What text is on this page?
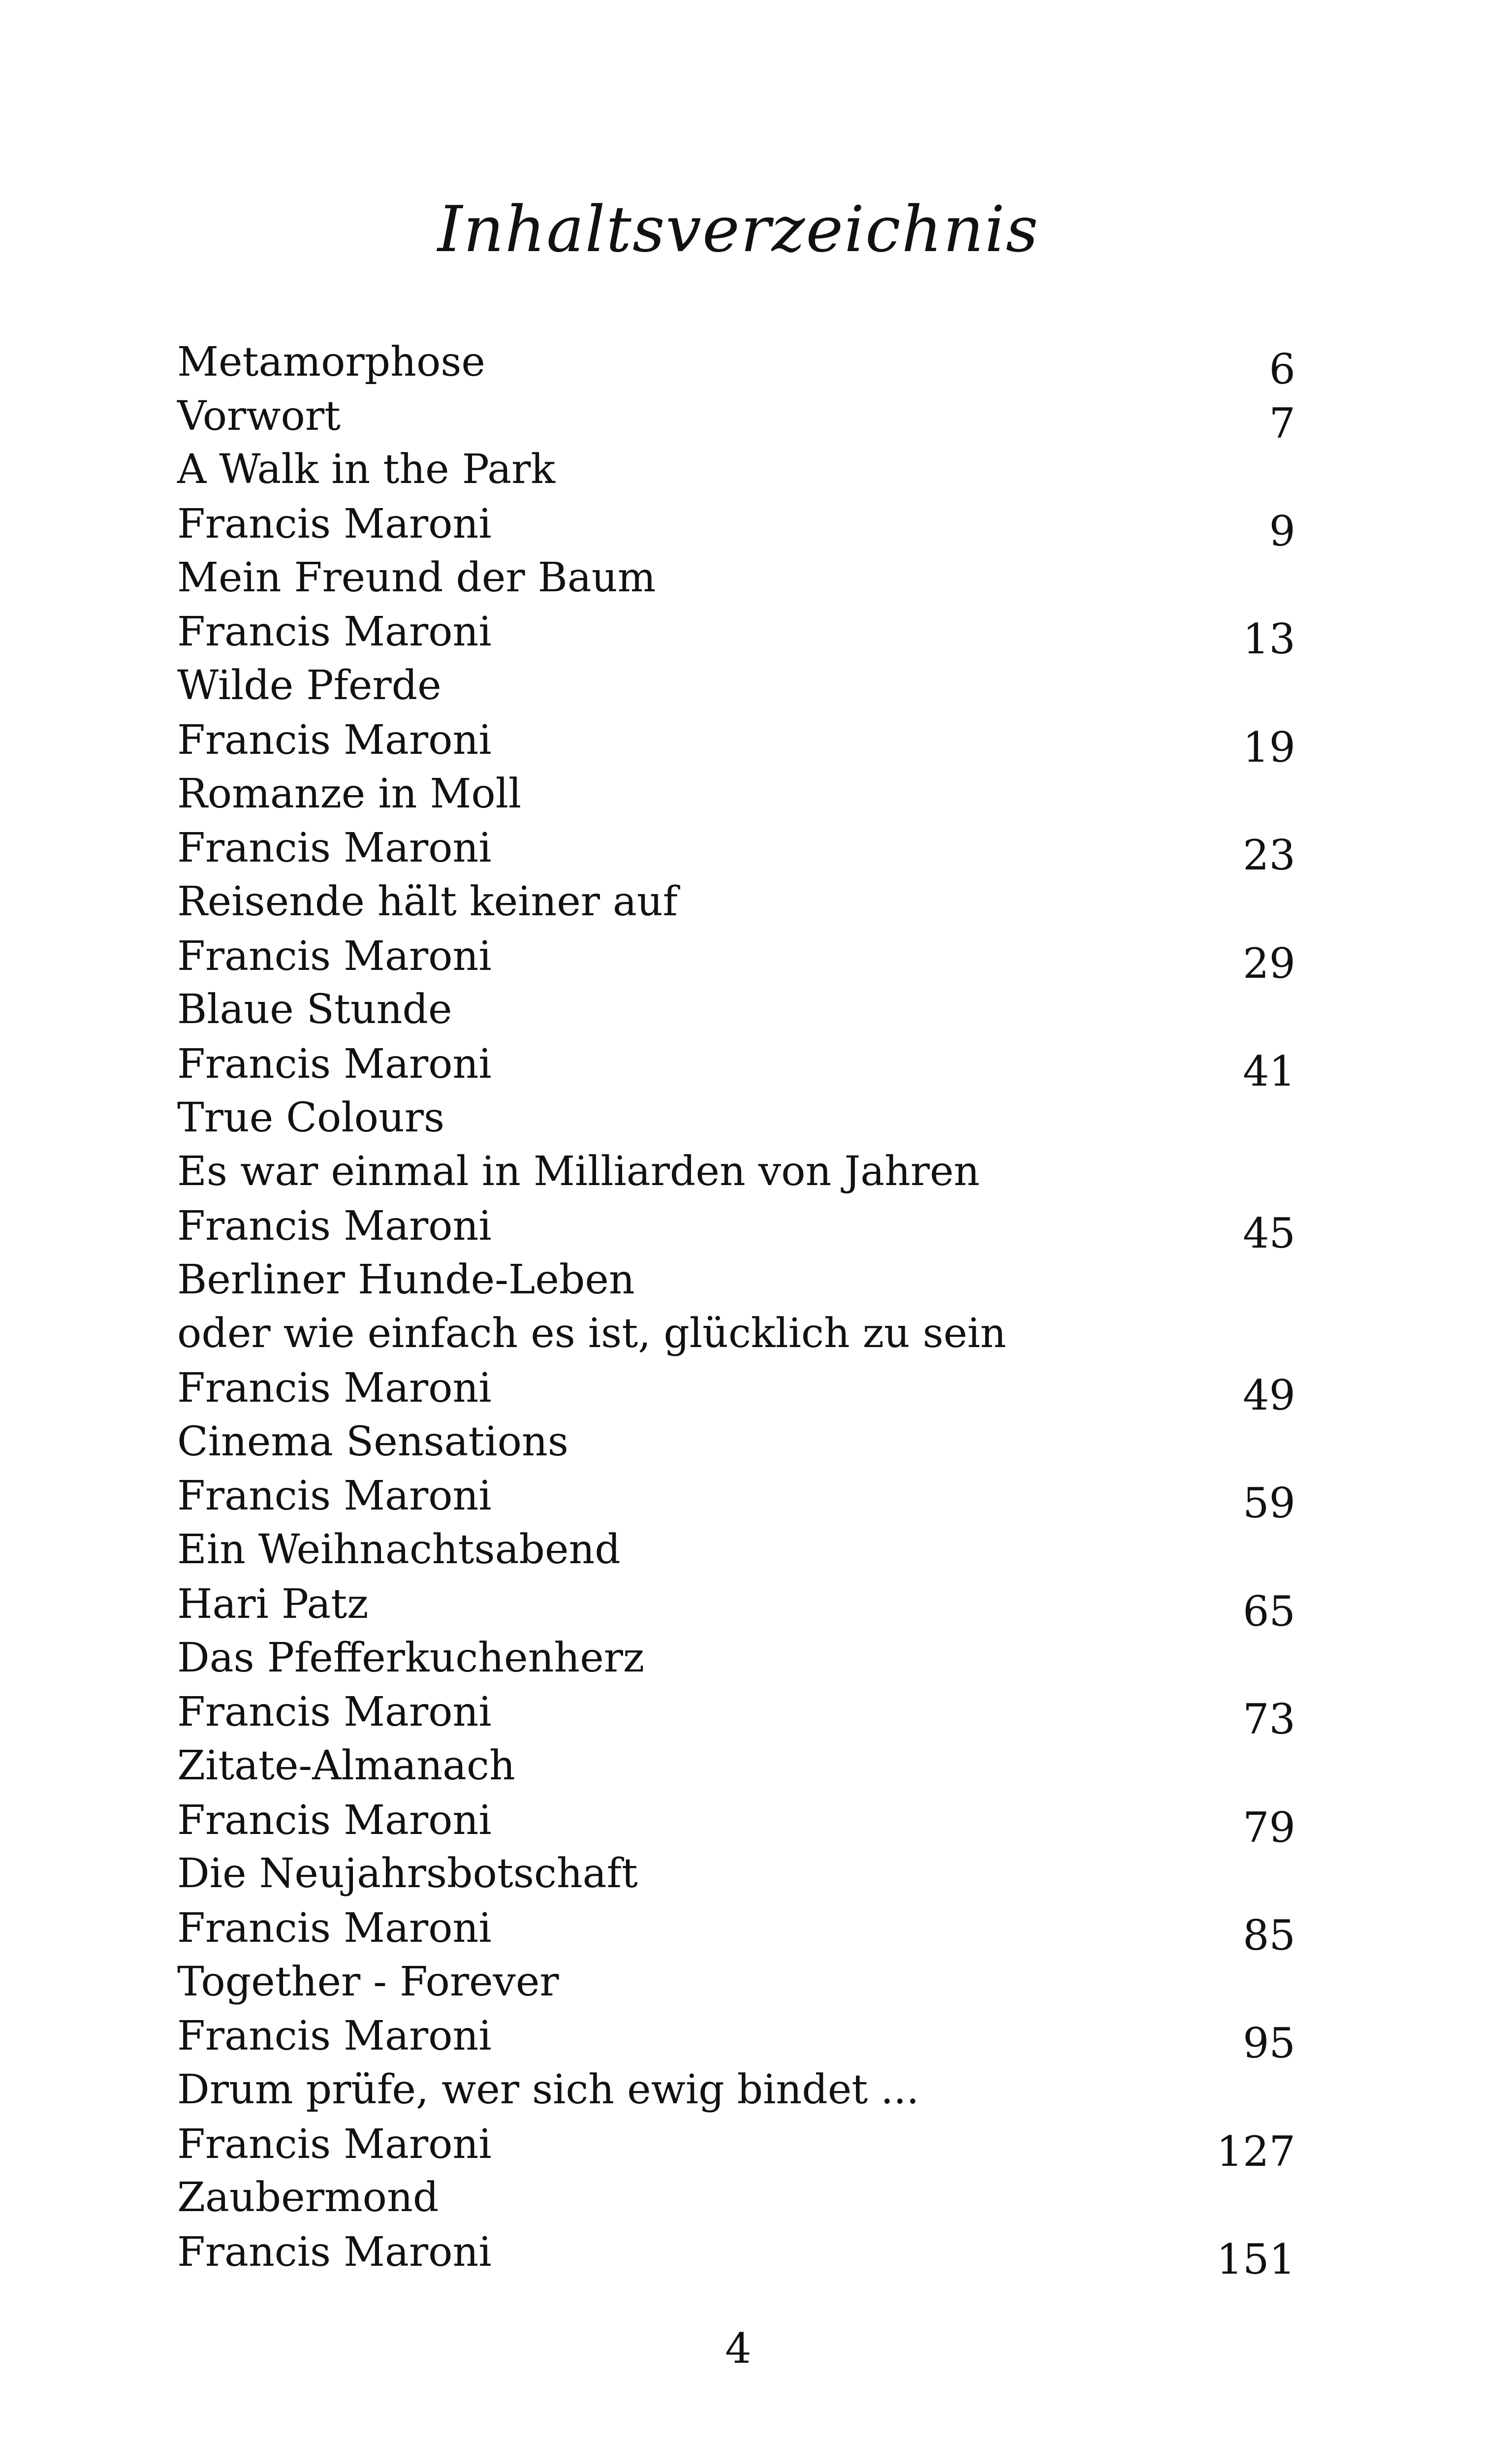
Inhaltsverzeichnis
Metamorphose	6
Vorwort	7
A Walk in the Park
Francis Maroni	9
Mein Freund der Baum
Francis Maroni	13
Wilde Pferde
Francis Maroni	19
Romanze in Moll
Francis Maroni	23
Reisende hält keiner auf
Francis Maroni	29
Blaue Stunde
Francis Maroni	41
True Colours
Es war einmal in Milliarden von Jahren
Francis Maroni	45
Berliner Hunde-Leben
oder wie einfach es ist, glücklich zu sein
Francis Maroni	49
Cinema Sensations
Francis Maroni	59
Ein Weihnachtsabend
Hari Patz	65
Das Pfefferkuchenherz
Francis Maroni	73
Zitate-Almanach
Francis Maroni	79
Die Neujahrsbotschaft
Francis Maroni	85
Together - Forever
Francis Maroni	95
Drum prüfe, wer sich ewig bindet ...
Francis Maroni	127
Zaubermond
Francis Maroni	151
4
